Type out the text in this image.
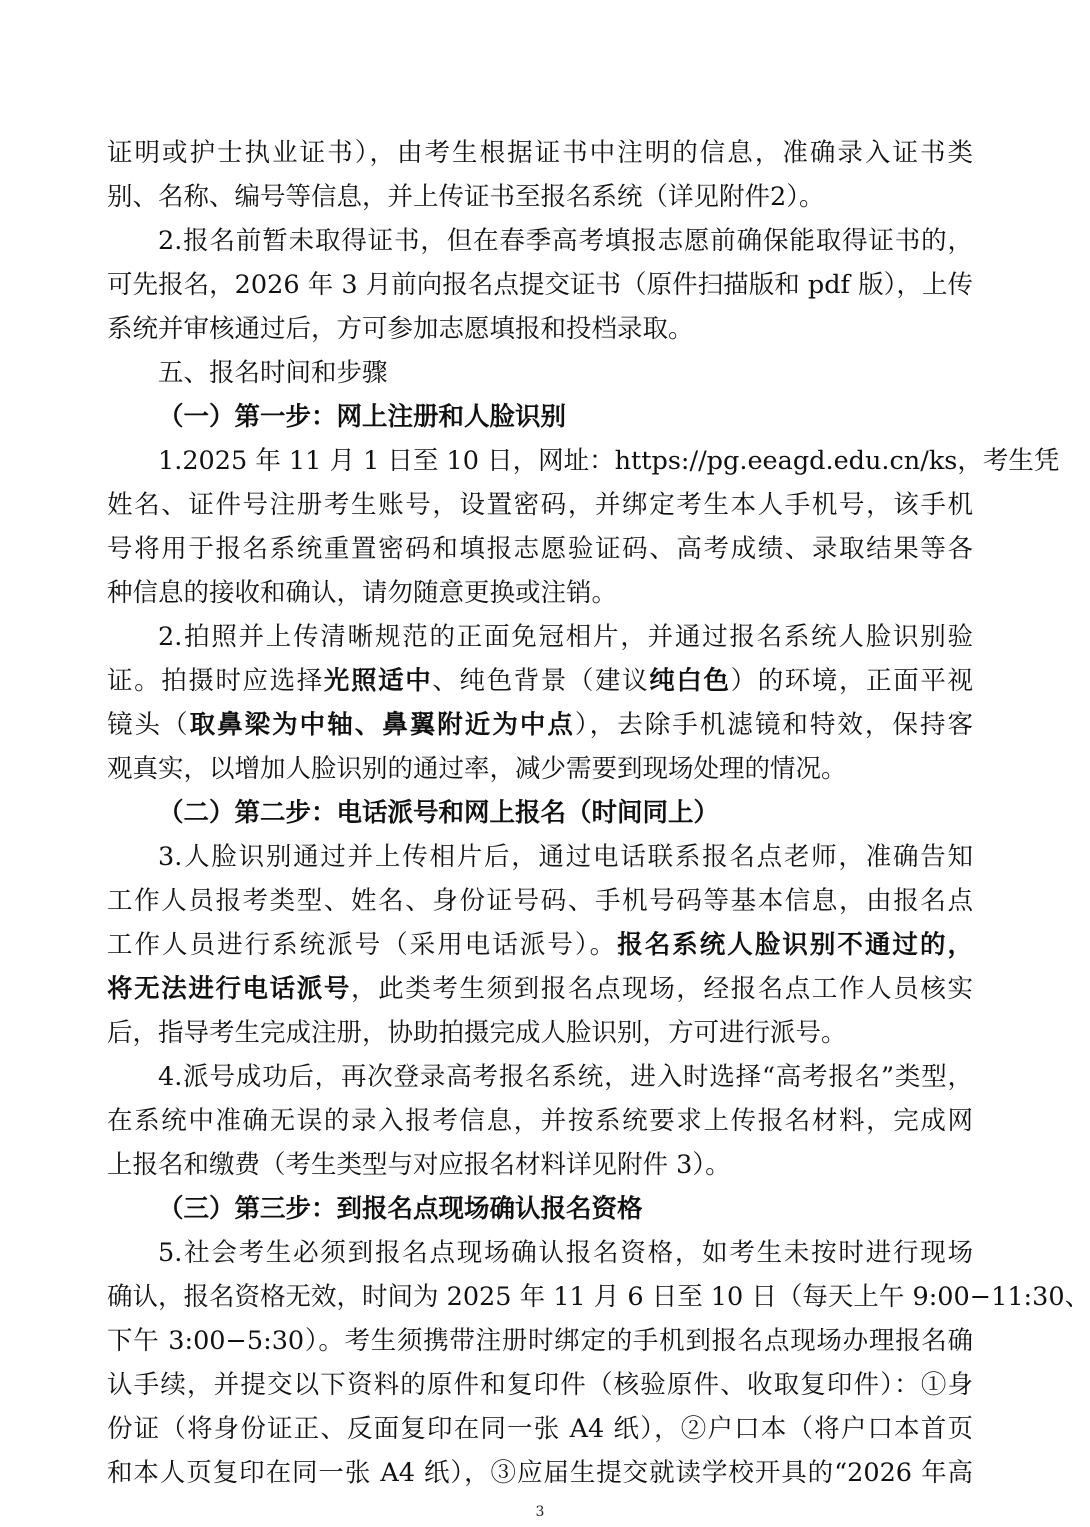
证明或护士执业证书），由考生根据证书中注明的信息，准确录入证书类
别、名称、编号等信息，并上传证书至报名系统（详见附件2）。
2.报名前暂未取得证书，但在春季高考填报志愿前确保能取得证书的，
可先报名，2026 年 3 月前向报名点提交证书（原件扫描版和 pdf 版），上传
系统并审核通过后，方可参加志愿填报和投档录取。
五、报名时间和步骤
（一）第一步：网上注册和人脸识别
1.2025 年 11 月 1 日至 10 日，网址：https://pg.eeagd.edu.cn/ks，考生凭
姓名、证件号注册考生账号，设置密码，并绑定考生本人手机号，该手机
号将用于报名系统重置密码和填报志愿验证码、高考成绩、录取结果等各
种信息的接收和确认，请勿随意更换或注销。
2.拍照并上传清晰规范的正面免冠相片，并通过报名系统人脸识别验
证。拍摄时应选择光照适中、纯色背景（建议纯白色）的环境，正面平视
镜头（取鼻梁为中轴、鼻翼附近为中点），去除手机滤镜和特效，保持客
观真实，以增加人脸识别的通过率，减少需要到现场处理的情况。
（二）第二步：电话派号和网上报名（时间同上）
3.人脸识别通过并上传相片后，通过电话联系报名点老师，准确告知
工作人员报考类型、姓名、身份证号码、手机号码等基本信息，由报名点
工作人员进行系统派号（采用电话派号）。报名系统人脸识别不通过的，
将无法进行电话派号，此类考生须到报名点现场，经报名点工作人员核实
后，指导考生完成注册，协助拍摄完成人脸识别，方可进行派号。
4.派号成功后，再次登录高考报名系统，进入时选择“高考报名”类型，
在系统中准确无误的录入报考信息，并按系统要求上传报名材料，完成网
上报名和缴费（考生类型与对应报名材料详见附件 3）。
（三）第三步：到报名点现场确认报名资格
5.社会考生必须到报名点现场确认报名资格，如考生未按时进行现场
确认，报名资格无效，时间为 2025 年 11 月 6 日至 10 日（每天上午 9:00−11:30、
下午 3:00−5:30）。考生须携带注册时绑定的手机到报名点现场办理报名确
认手续，并提交以下资料的原件和复印件（核验原件、收取复印件）：①身
份证（将身份证正、反面复印在同一张 A4 纸），②户口本（将户口本首页
和本人页复印在同一张 A4 纸），③应届生提交就读学校开具的“2026 年高
3
